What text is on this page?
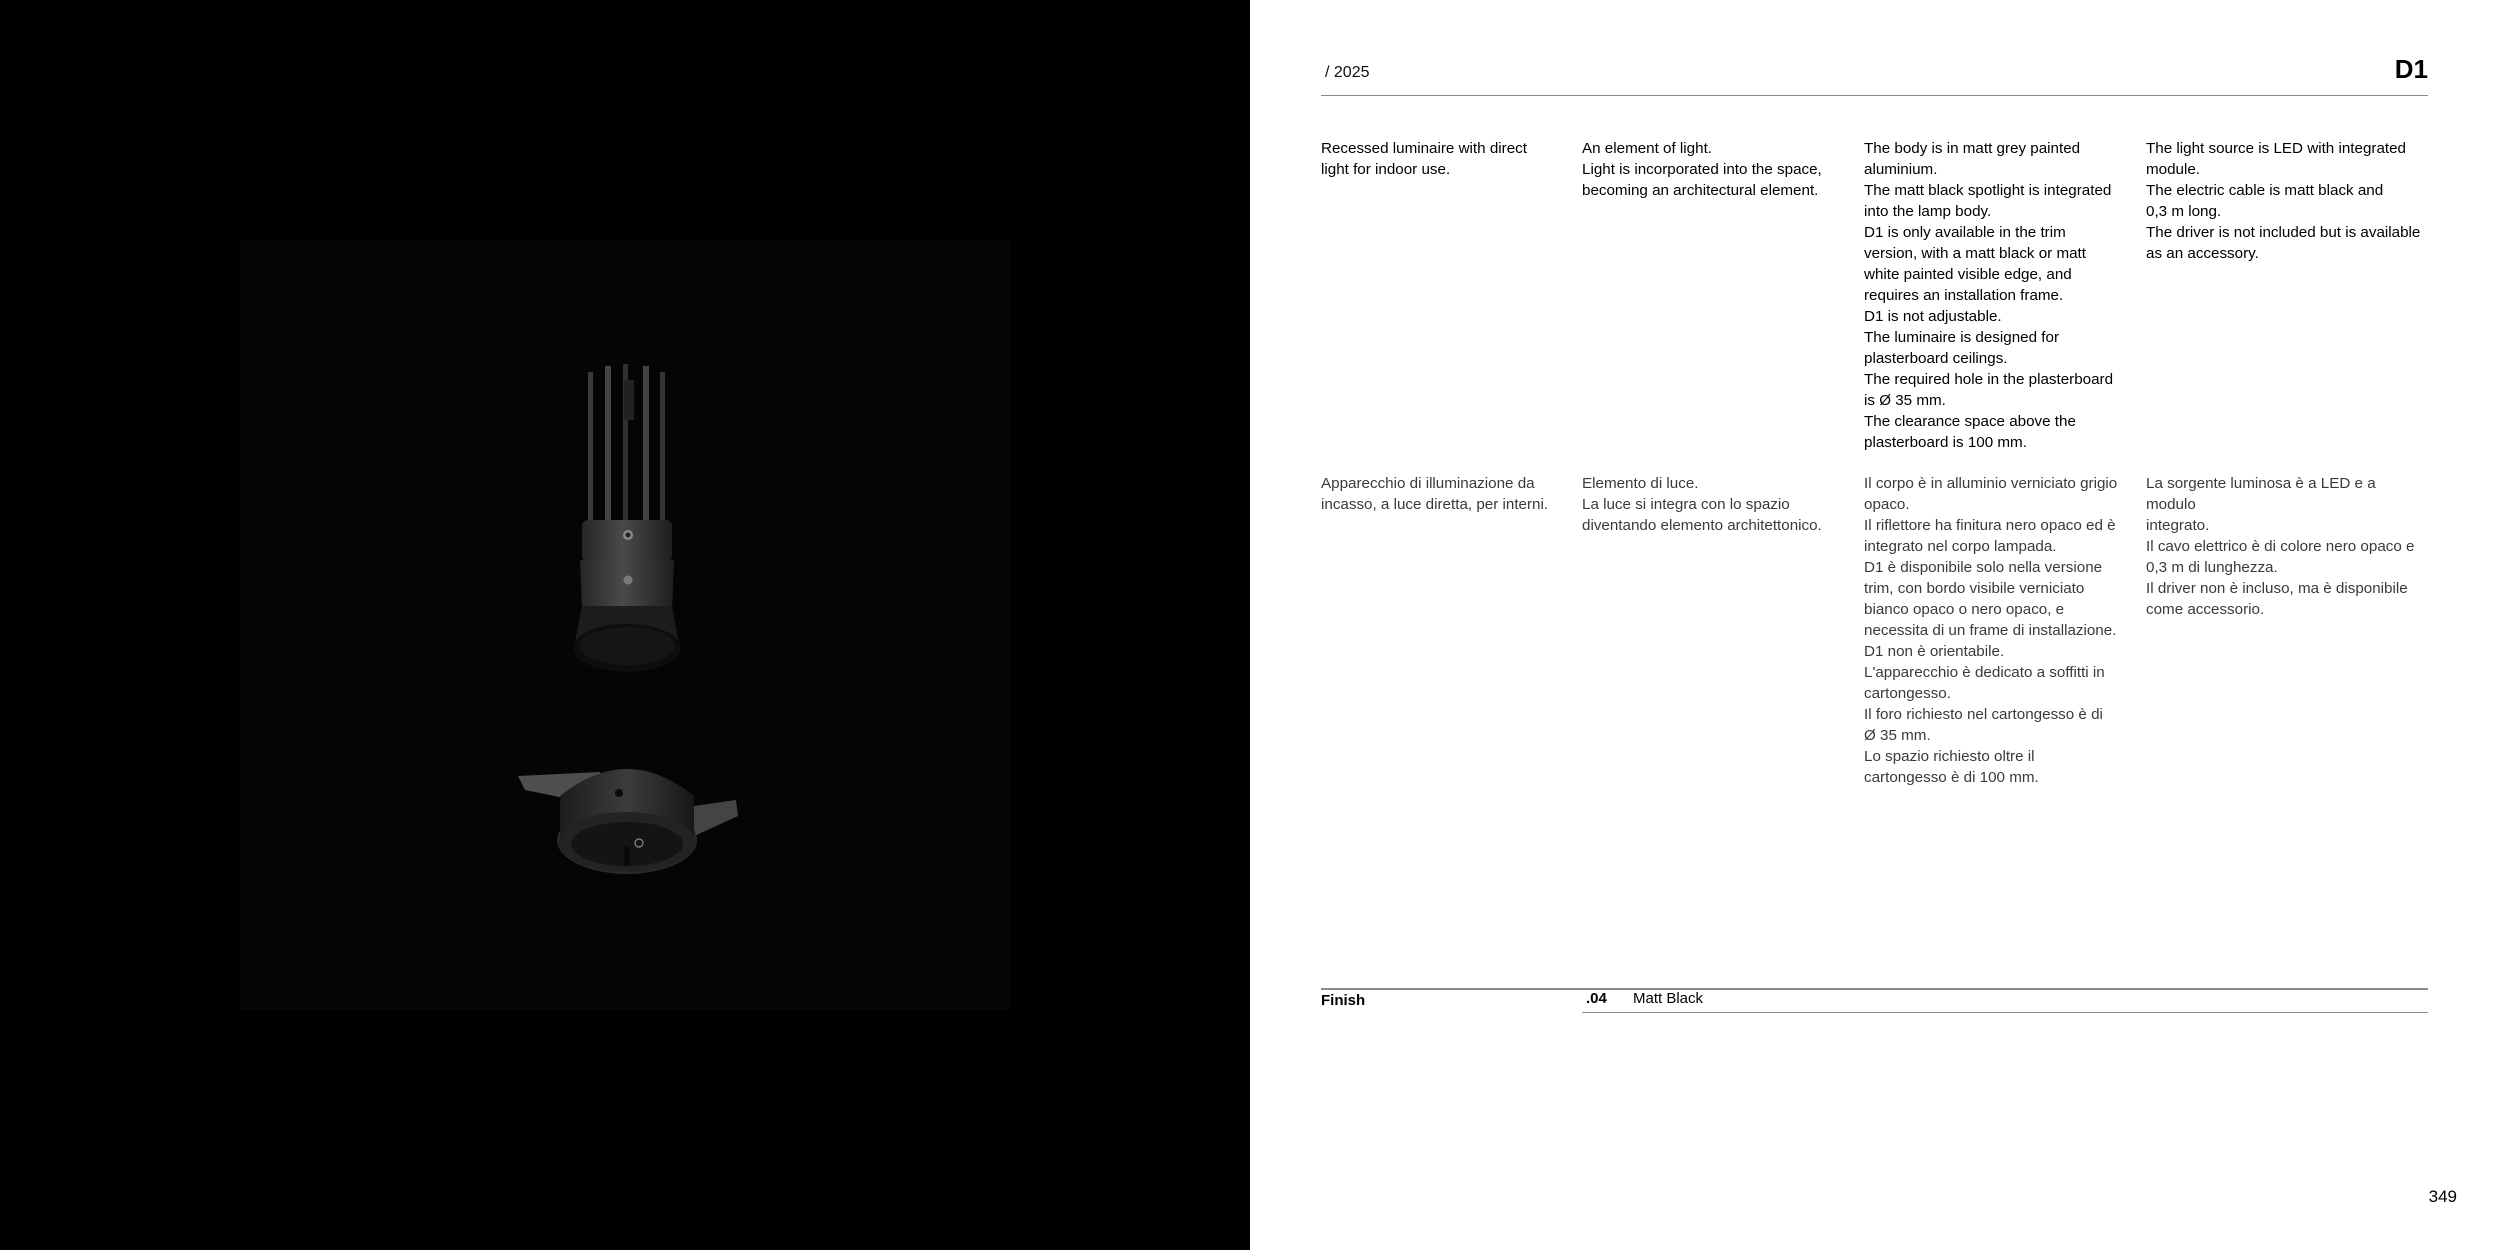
/ 2025	D1
Recessed luminaire with direct
light for indoor use.
An element of light.
Light is incorporated into the space,
becoming an architectural element.
The body is in matt grey painted
aluminium.
The matt black spotlight is integrated
into the lamp body.
D1 is only available in the trim
version, with a matt black or matt
white painted visible edge, and
requires an installation frame.
D1 is not adjustable.
The luminaire is designed for
plasterboard ceilings.
The required hole in the plasterboard
is Ø 35 mm.
The clearance space above the
plasterboard is 100 mm.
The light source is LED with integrated
module.
The electric cable is matt black and
0,3 m long.
The driver is not included but is available
as an accessory.
Apparecchio di illuminazione da
incasso, a luce diretta, per interni.
Elemento di luce.
La luce si integra con lo spazio
diventando elemento architettonico.
Il corpo è in alluminio verniciato grigio
opaco.
Il riflettore ha finitura nero opaco ed è
integrato nel corpo lampada.
D1 è disponibile solo nella versione
trim, con bordo visibile verniciato
bianco opaco o nero opaco, e
necessita di un frame di installazione.
D1 non è orientabile.
L'apparecchio è dedicato a soffitti in
cartongesso.
Il foro richiesto nel cartongesso è di
Ø 35 mm.
Lo spazio richiesto oltre il
cartongesso è di 100 mm.
La sorgente luminosa è a LED e a modulo
integrato.
Il cavo elettrico è di colore nero opaco e
0,3 m di lunghezza.
Il driver non è incluso, ma è disponibile
come accessorio.
Finish	.04 Matt Black
349
